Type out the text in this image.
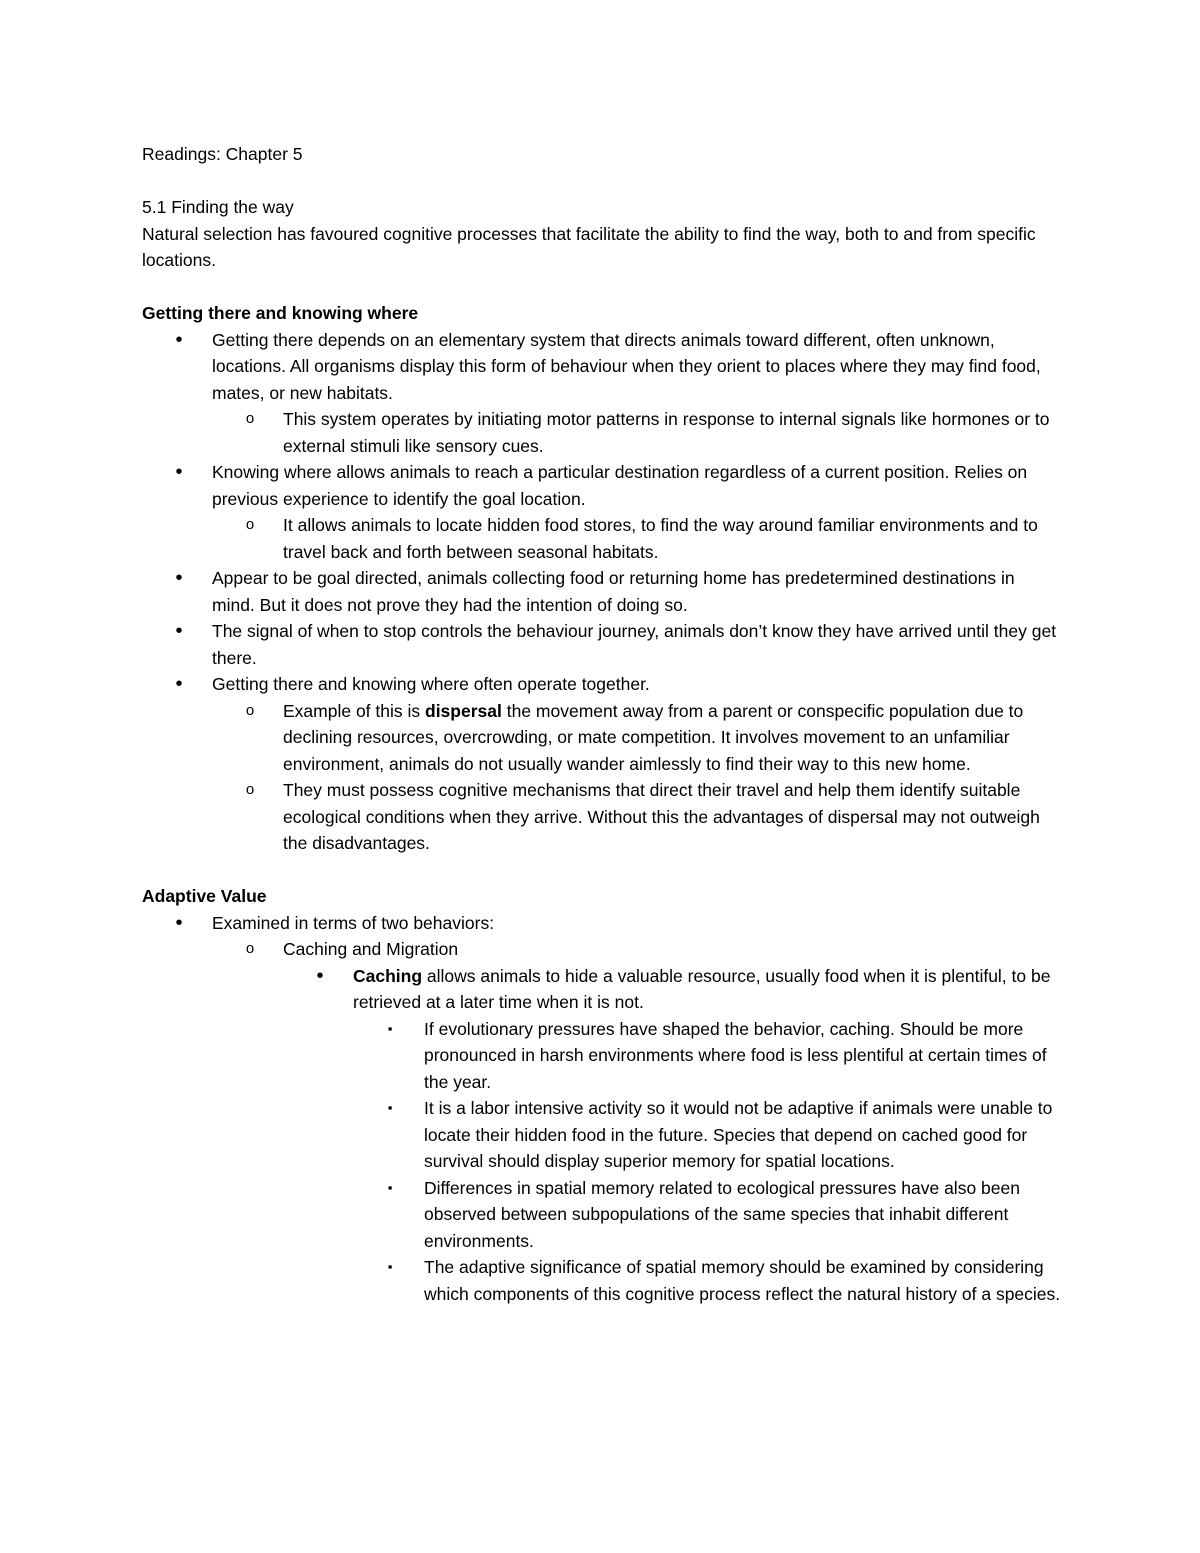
Readings: Chapter 5

5.1 Finding the way

Natural selection has favoured cognitive processes that facilitate the ability to find the way, both to and from specific locations.

Getting there and knowing where

•	Getting there depends on an elementary system that directs animals toward different, often unknown, locations. All organisms display this form of behaviour when they orient to places where they may find food, mates, or new habitats.
o	This system operates by initiating motor patterns in response to internal signals like hormones or to external stimuli like sensory cues.
•	Knowing where allows animals to reach a particular destination regardless of a current position. Relies on previous experience to identify the goal location.
o	It allows animals to locate hidden food stores, to find the way around familiar environments and to travel back and forth between seasonal habitats.
•	Appear to be goal directed, animals collecting food or returning home has predetermined destinations in mind. But it does not prove they had the intention of doing so.
•	The signal of when to stop controls the behaviour journey, animals don’t know they have arrived until they get there.
•	Getting there and knowing where often operate together.
o	Example of this is dispersal the movement away from a parent or conspecific population due to declining resources, overcrowding, or mate competition. It involves movement to an unfamiliar environment, animals do not usually wander aimlessly to find their way to this new home.
o	They must possess cognitive mechanisms that direct their travel and help them identify suitable ecological conditions when they arrive. Without this the advantages of dispersal may not outweigh the disadvantages.

Adaptive Value

•	Examined in terms of two behaviors:
o	Caching and Migration
•	Caching allows animals to hide a valuable resource, usually food when it is plentiful, to be retrieved at a later time when it is not.
▪	If evolutionary pressures have shaped the behavior, caching. Should be more pronounced in harsh environments where food is less plentiful at certain times of the year.
▪	It is a labor intensive activity so it would not be adaptive if animals were unable to locate their hidden food in the future. Species that depend on cached good for survival should display superior memory for spatial locations.
▪	Differences in spatial memory related to ecological pressures have also been observed between subpopulations of the same species that inhabit different environments.
▪	The adaptive significance of spatial memory should be examined by considering which components of this cognitive process reflect the natural history of a species.
